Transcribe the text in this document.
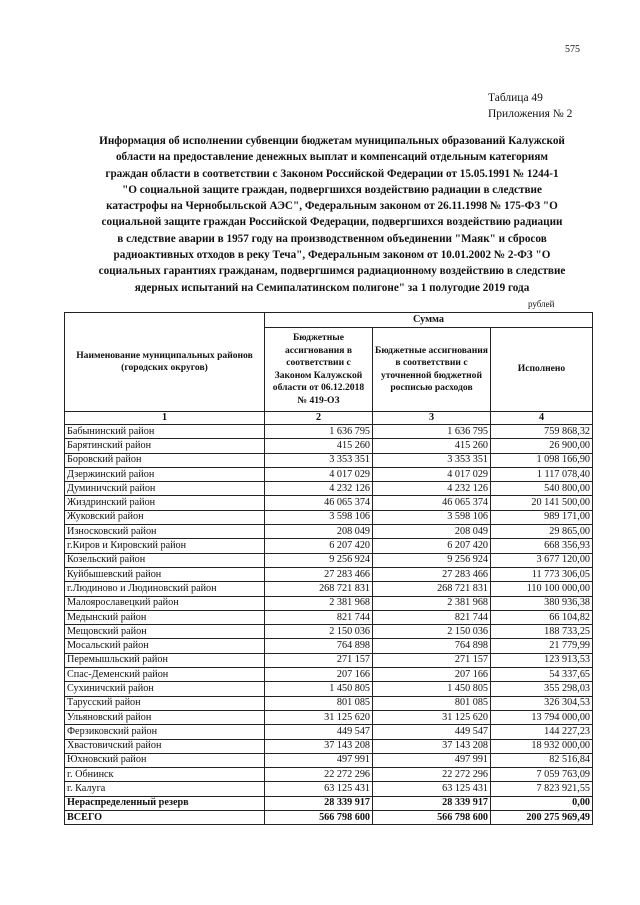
575
Таблица 49
Приложения № 2
Информация об исполнении субвенции бюджетам муниципальных образований Калужской
области на предоставление денежных выплат и компенсаций отдельным категориям
граждан области в соответствии с Законом Российской Федерации от 15.05.1991 № 1244-1
"О социальной защите граждан, подвергшихся воздействию радиации в следствие
катастрофы на Чернобыльской АЭС", Федеральным законом от 26.11.1998 № 175-ФЗ "О
социальной защите граждан Российской Федерации, подвергшихся воздействию радиации
в следствие аварии в 1957 году на производственном объединении "Маяк" и сбросов
радиоактивных отходов в реку Теча", Федеральным законом от 10.01.2002 № 2-ФЗ "О
социальных гарантиях гражданам, подвергшимся радиационному воздействию в следствие
ядерных испытаний на Семипалатинском полигоне" за 1 полугодие 2019 года
рублей
Наименование муниципальных районов (городских округов)	Сумма		
	Бюджетные ассигнования в соответствии с Законом Калужской области от 06.12.2018 № 419-ОЗ	Бюджетные ассигнования в соответствии с уточненной бюджетной росписью расходов	Исполнено
1	2	3	4
Бабынинский район	1 636 795	1 636 795	759 868,32
Барятинский район	415 260	415 260	26 900,00
Боровский район	3 353 351	3 353 351	1 098 166,90
Дзержинский район	4 017 029	4 017 029	1 117 078,40
Думиничский район	4 232 126	4 232 126	540 800,00
Жиздринский район	46 065 374	46 065 374	20 141 500,00
Жуковский район	3 598 106	3 598 106	989 171,00
Износковский район	208 049	208 049	29 865,00
г.Киров и Кировский район	6 207 420	6 207 420	668 356,93
Козельский район	9 256 924	9 256 924	3 677 120,00
Куйбышевский район	27 283 466	27 283 466	11 773 306,05
г.Людиново и Людиновский район	268 721 831	268 721 831	110 100 000,00
Малоярославецкий район	2 381 968	2 381 968	380 936,38
Медынский район	821 744	821 744	66 104,82
Мещовский район	2 150 036	2 150 036	188 733,25
Мосальский район	764 898	764 898	21 779,99
Перемышльский район	271 157	271 157	123 913,53
Спас-Деменский район	207 166	207 166	54 337,65
Сухиничский район	1 450 805	1 450 805	355 298,03
Тарусский район	801 085	801 085	326 304,53
Ульяновский район	31 125 620	31 125 620	13 794 000,00
Ферзиковский район	449 547	449 547	144 227,23
Хвастовичский район	37 143 208	37 143 208	18 932 000,00
Юхновский район	497 991	497 991	82 516,84
г. Обнинск	22 272 296	22 272 296	7 059 763,09
г. Калуга	63 125 431	63 125 431	7 823 921,55
Нераспределенный резерв	28 339 917	28 339 917	0,00
ВСЕГО	566 798 600	566 798 600	200 275 969,49
